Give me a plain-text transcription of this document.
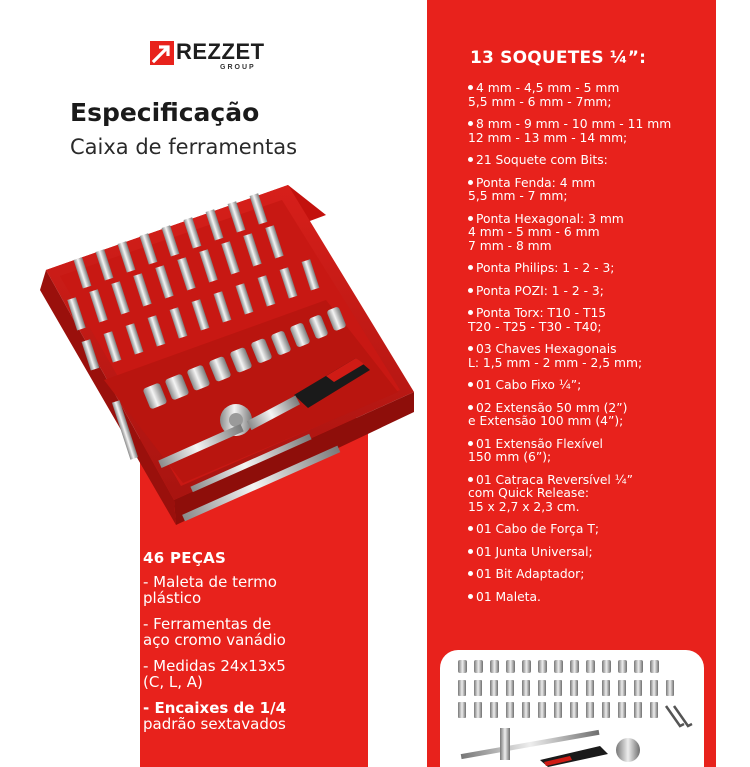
REZZET
GROUP
Especificação
Caixa de ferramentas
46 PEÇAS
- Maleta de termo
plástico
- Ferramentas de
aço cromo vanádio
- Medidas 24x13x5
(C, L, A)
- Encaixes de 1/4
padrão sextavados
13 SOQUETES ¼”:
4 mm - 4,5 mm - 5 mm
5,5 mm - 6 mm - 7mm;
8 mm - 9 mm - 10 mm - 11 mm
12 mm - 13 mm - 14 mm;
21 Soquete com Bits:
Ponta Fenda: 4 mm
5,5 mm - 7 mm;
Ponta Hexagonal: 3 mm
4 mm - 5 mm - 6 mm
7 mm - 8 mm
Ponta Philips: 1 - 2 - 3;
Ponta POZI: 1 - 2 - 3;
Ponta Torx: T10 - T15
T20 - T25 - T30 - T40;
03 Chaves Hexagonais
L: 1,5 mm - 2 mm - 2,5 mm;
01 Cabo Fixo ¼”;
02 Extensão 50 mm (2”)
e Extensão 100 mm (4”);
01 Extensão Flexível
150 mm (6”);
01 Catraca Reversível ¼”
com Quick Release:
15 x 2,7 x 2,3 cm.
01 Cabo de Força T;
01 Junta Universal;
01 Bit Adaptador;
01 Maleta.
